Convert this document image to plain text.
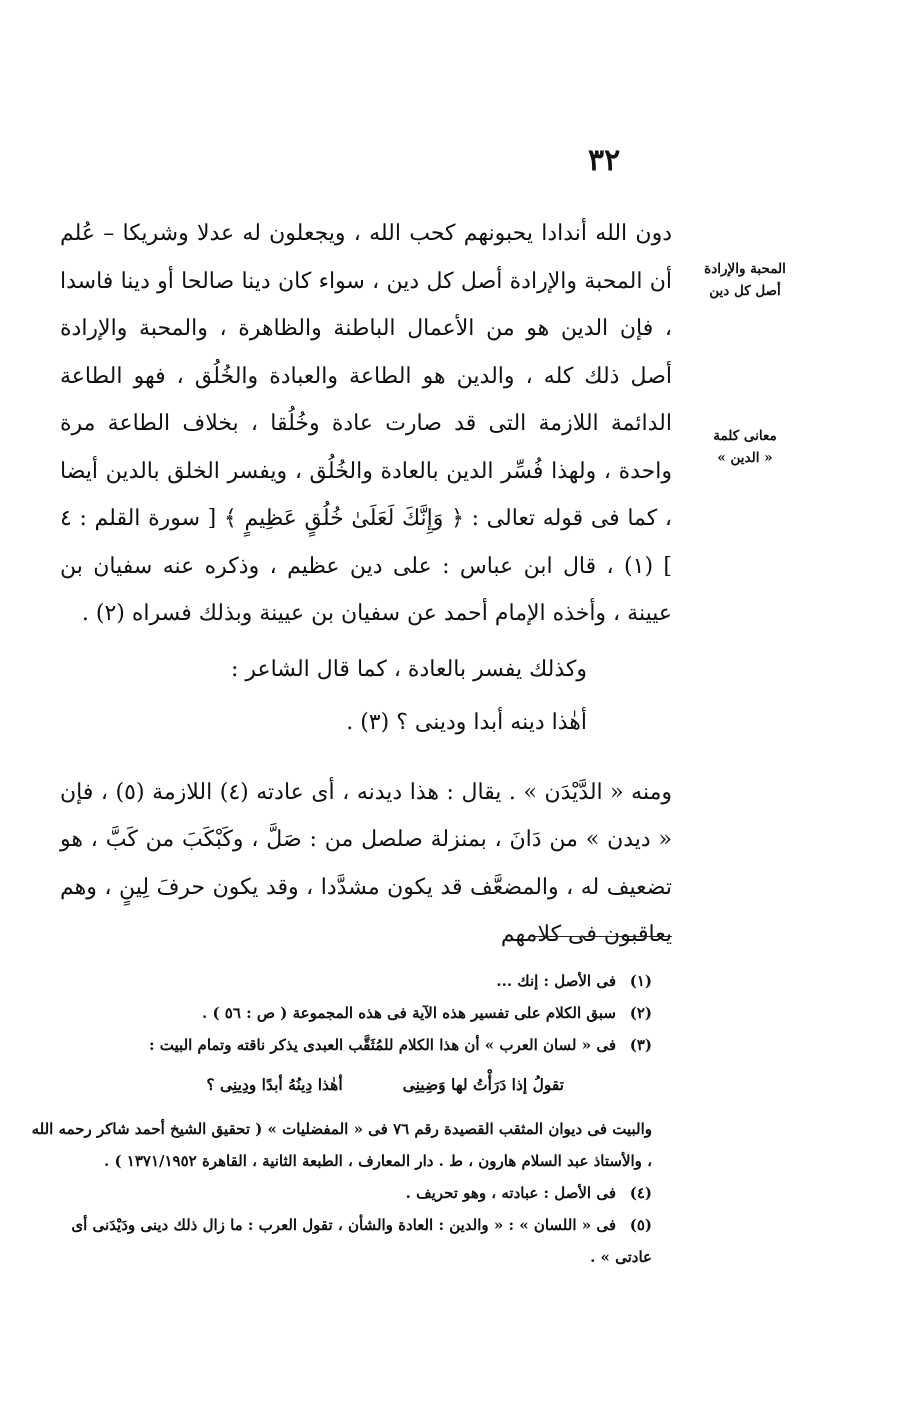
٣٢
المحبة والإرادة
أصل كل دين
معانى كلمة
« الدين »

دون الله أندادا يحبونهم كحب الله ، ويجعلون له عدلا وشريكا – عُلم أن المحبة والإرادة أصل كل دين ، سواء كان دينا صالحا أو دينا فاسدا ، فإن الدين هو من الأعمال الباطنة والظاهرة ، والمحبة والإرادة أصل ذلك كله ، والدين هو الطاعة والعبادة والخُلُق ، فهو الطاعة الدائمة اللازمة التى قد صارت عادة وخُلُقا ، بخلاف الطاعة مرة واحدة ، ولهذا فُسِّر الدين بالعادة والخُلُق ، ويفسر الخلق بالدين أيضا ، كما فى قوله تعالى : ﴿ وَإِنَّكَ لَعَلَىٰ خُلُقٍ عَظِيمٍ ﴾ [ سورة القلم : ٤ ] (١) ، قال ابن عباس : على دين عظيم ، وذكره عنه سفيان بن عيينة ، وأخذه الإمام أحمد عن سفيان بن عيينة وبذلك فسراه (٢) .

وكذلك يفسر بالعادة ، كما قال الشاعر :

أهٰذا دينه أبدا ودينى ؟ (٣) .

ومنه « الدَّيْدَن » . يقال : هذا ديدنه ، أى عادته (٤) اللازمة (٥) ، فإن « ديدن » من دَانَ ، بمنزلة صلصل من : صَلَّ ، وكَبْكَبَ من كَبَّ ، هو تضعيف له ، والمضعَّف قد يكون مشدَّدا ، وقد يكون حرفَ لِينٍ ، وهم يعاقبون فى كلامهم

(١)فى الأصل : إنك ...

(٢)سبق الكلام على تفسير هذه الآية فى هذه المجموعة ( ص : ٥٦ ) .

(٣)فى « لسان العرب » أن هذا الكلام للمُثَقَّب العبدى يذكر ناقته وتمام البيت :

تقولُ إذا دَرَأْتُ لها وَضِينِى
أهٰذا دِينُهُ أبدًا ودِينِى ؟

والبيت فى ديوان المثقب القصيدة رقم ٧٦ فى « المفضليات » ( تحقيق الشيخ أحمد شاكر رحمه الله ، والأستاذ عبد السلام هارون ، ط . دار المعارف ، الطبعة الثانية ، القاهرة ١٣٧١/١٩٥٢ ) .

(٤)فى الأصل : عبادته ، وهو تحريف .

(٥)فى « اللسان » : « والدين : العادة والشأن ، تقول العرب : ما زال ذلك دينى ودَيْدَنى أى عادتى » .
